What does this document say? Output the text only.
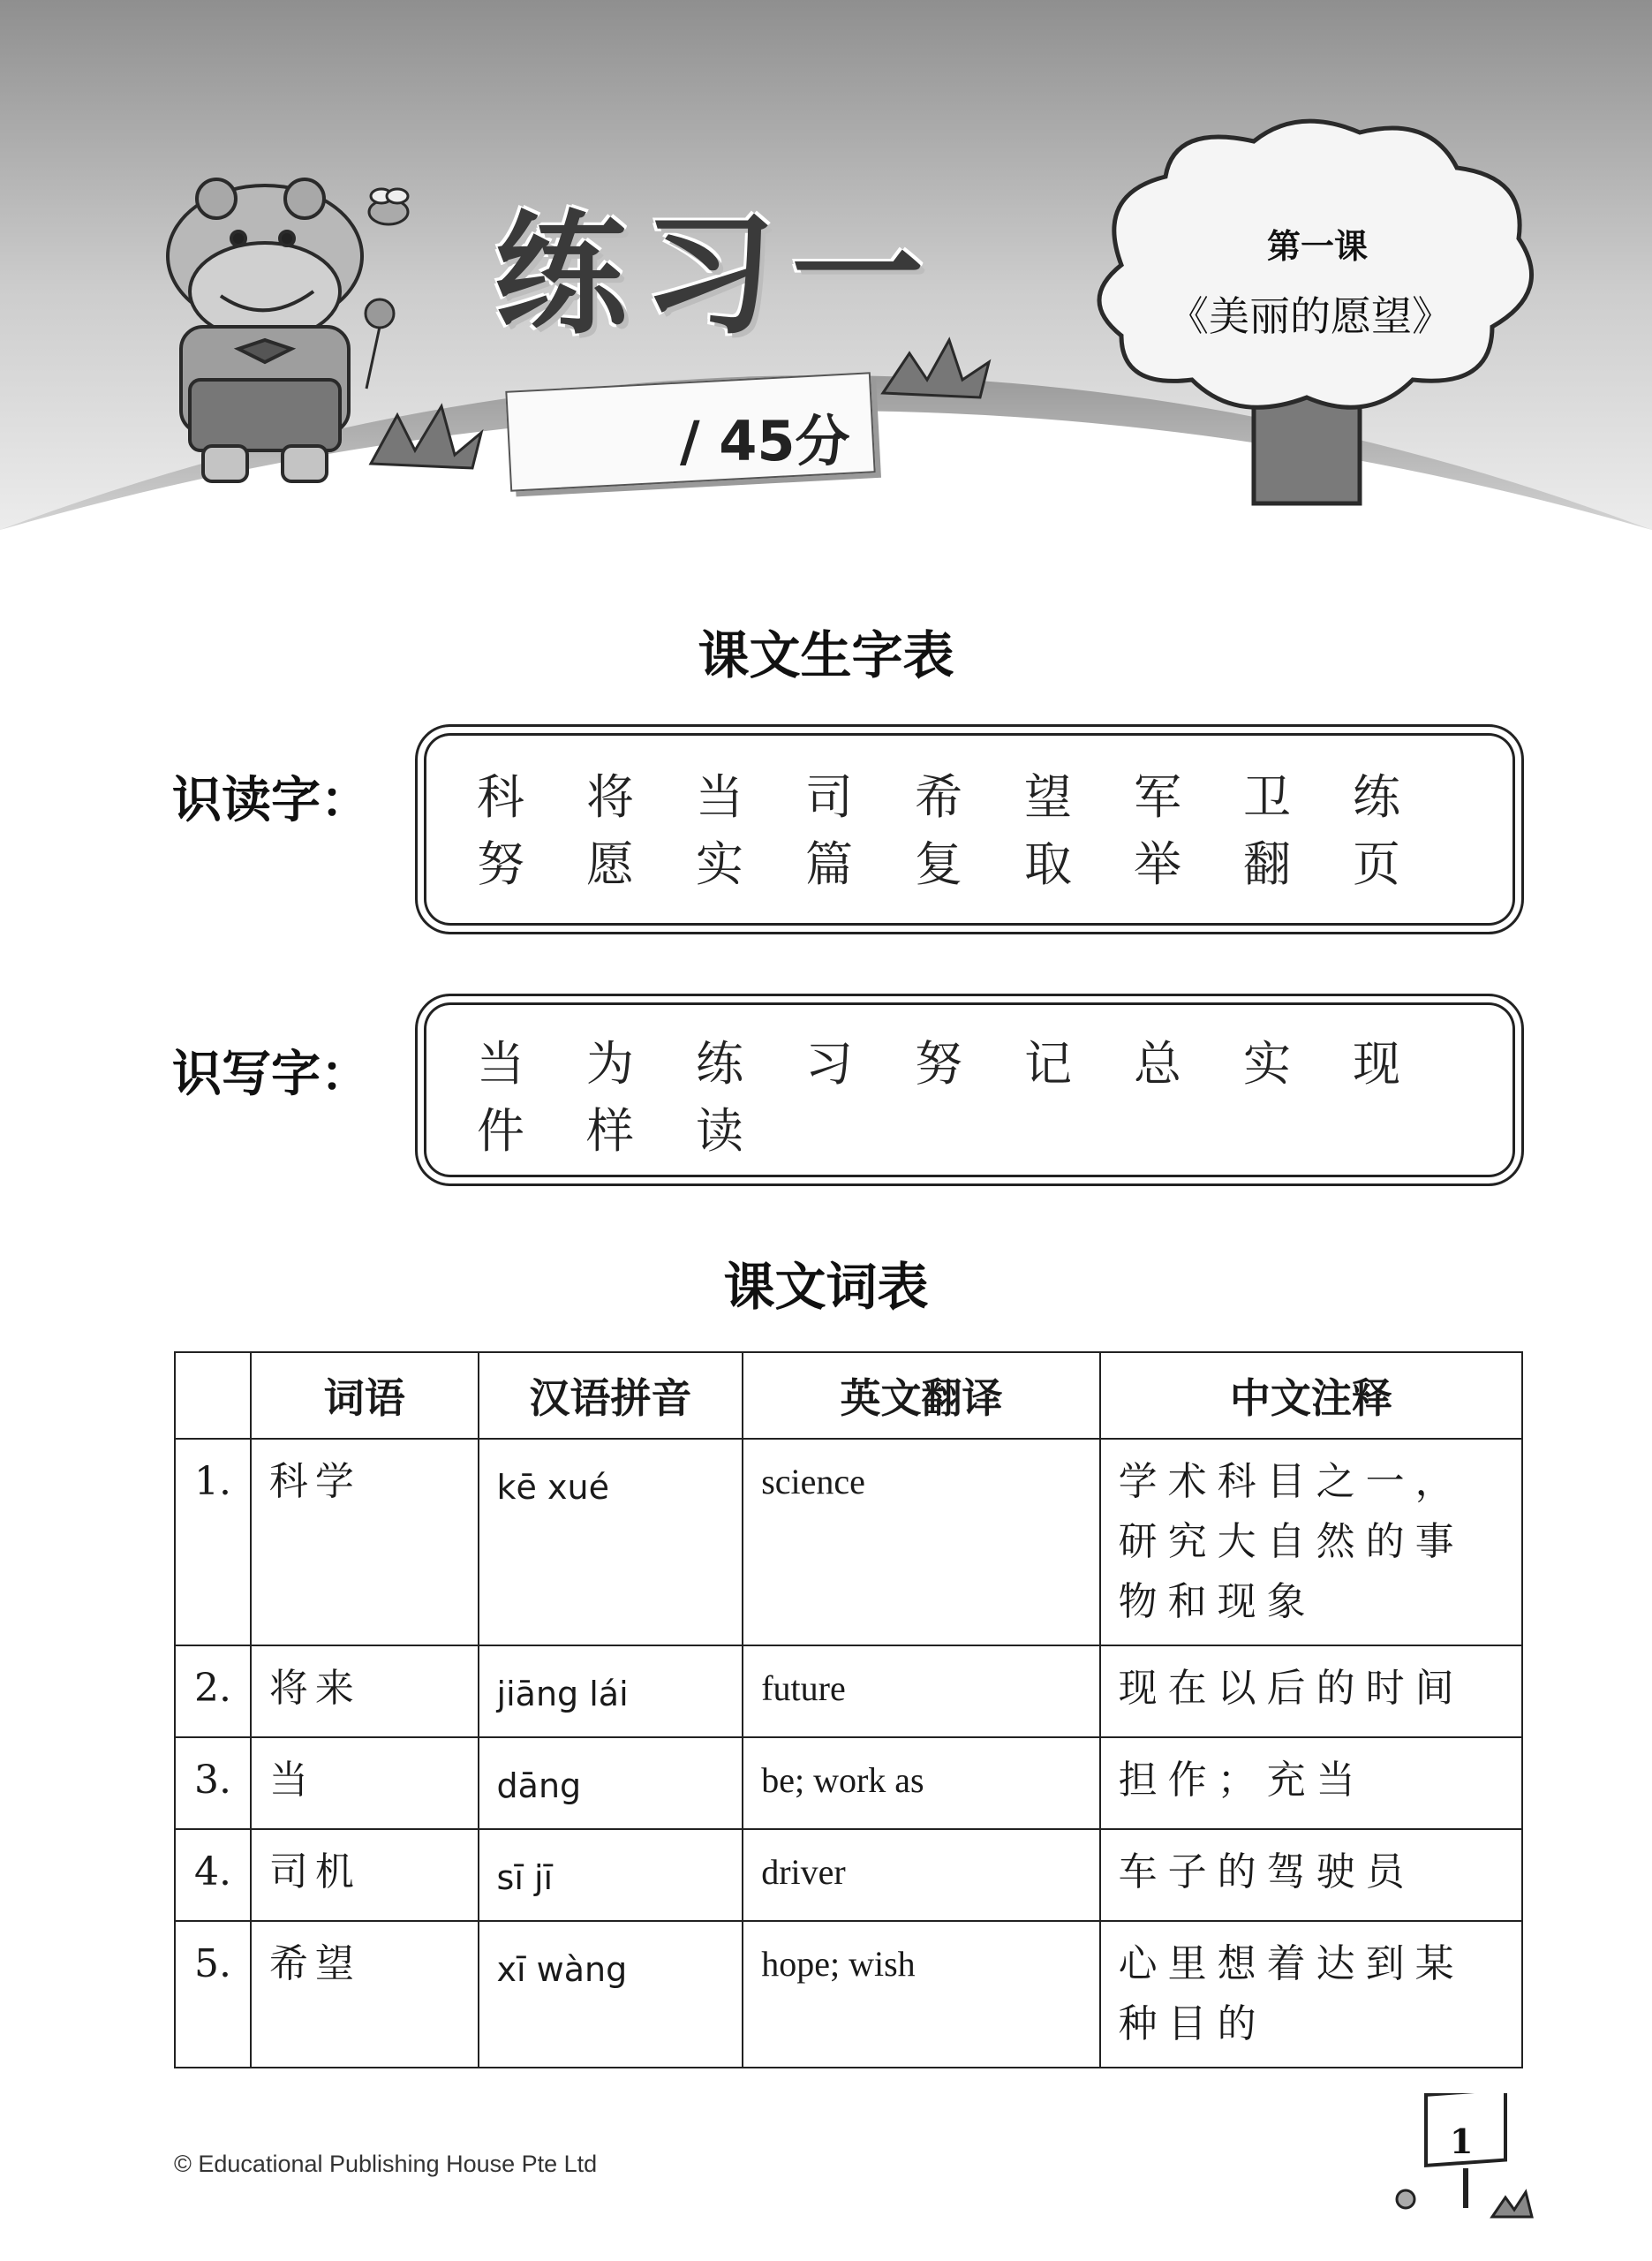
练习一
/ 45分
第一课
《美丽的愿望》
课文生字表
识读字： 科	将	当	司	希	望	军	卫	练
努	愿	实	篇	复	取	举	翻	页
识写字： 当	为	练	习	努	记	总	实	现
件	样	读
课文词表
	词语	汉语拼音	英文翻译	中文注释
1.	科学	kē xué	science	学术科目之一，研究大自然的事物和现象
2.	将来	jiāng lái	future	现在以后的时间
3.	当	dāng	be; work as	担作；充当
4.	司机	sī jī	driver	车子的驾驶员
5.	希望	xī wàng	hope; wish	心里想着达到某种目的
© Educational Publishing House Pte Ltd
1
